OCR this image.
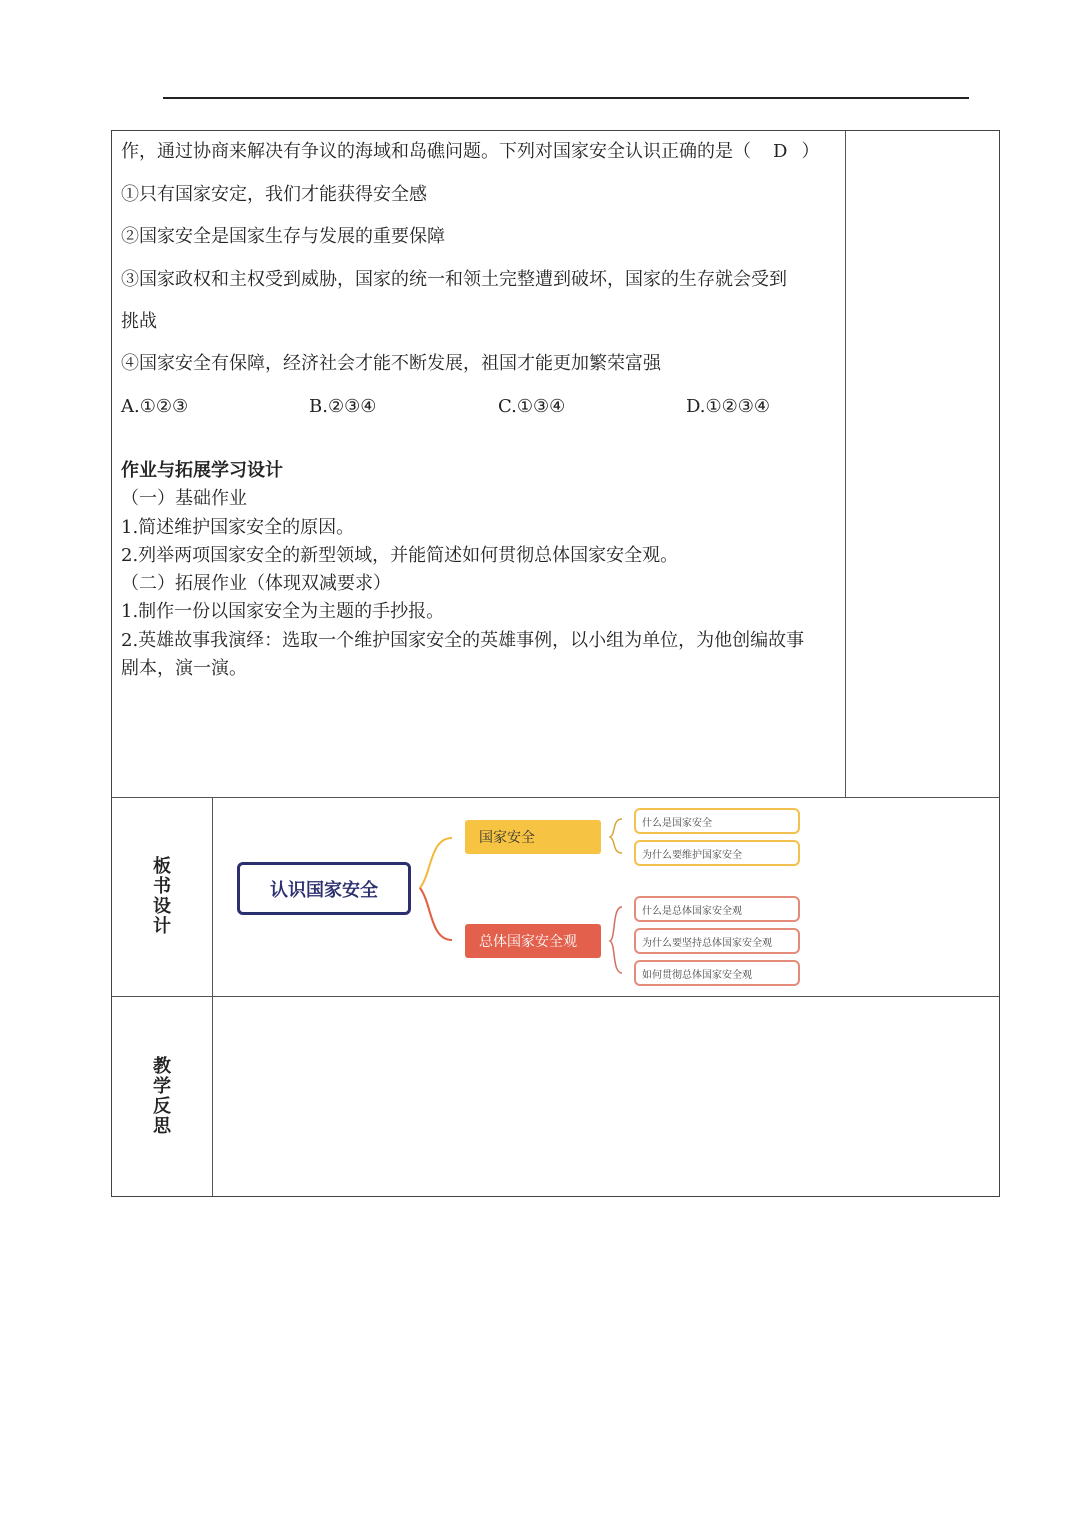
作，通过协商来解决有争议的海域和岛礁问题。下列对国家安全认识正确的是（ D ）
①只有国家安定，我们才能获得安全感
②国家安全是国家生存与发展的重要保障
③国家政权和主权受到威胁，国家的统一和领土完整遭到破坏，国家的生存就会受到
挑战
④国家安全有保障，经济社会才能不断发展，祖国才能更加繁荣富强
A.①②③	B.②③④	C.①③④	D.①②③④
作业与拓展学习设计
（一）基础作业
1.简述维护国家安全的原因。
2.列举两项国家安全的新型领域，并能简述如何贯彻总体国家安全观。
（二）拓展作业（体现双减要求）
1.制作一份以国家安全为主题的手抄报。
2.英雄故事我演绎：选取一个维护国家安全的英雄事例，以小组为单位，为他创编故事
剧本，演一演。
板书设计
教学反思
认识国家安全
国家安全
总体国家安全观
什么是国家安全
为什么要维护国家安全
什么是总体国家安全观
为什么要坚持总体国家安全观
如何贯彻总体国家安全观
